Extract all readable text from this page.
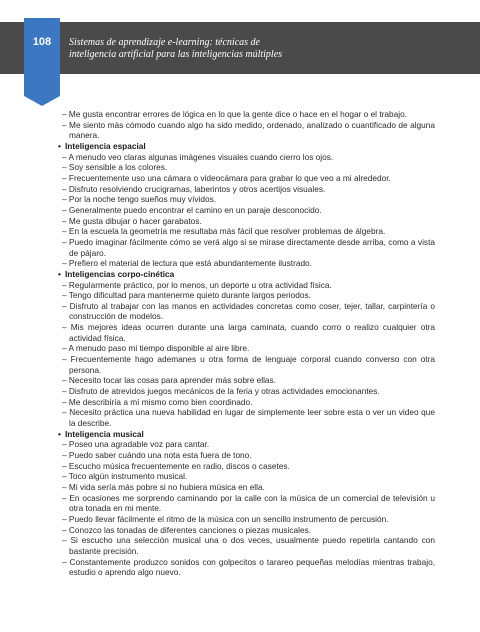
108	Sistemas de aprendizaje e-learning: técnicas de
inteligencia artificial para las inteligencias múltiples
– Me gusta encontrar errores de lógica en lo que la gente dice o hace en el hogar o el trabajo.
– Me siento más cómodo cuando algo ha sido medido, ordenado, analizado o cuantificado de alguna manera.
• Inteligencia espacial
– A menudo veo claras algunas imágenes visuales cuando cierro los ojos.
– Soy sensible a los colores.
– Frecuentemente uso una cámara o videocámara para grabar lo que veo a mi alrededor.
– Disfruto resolviendo crucigramas, laberintos y otros acertijos visuales.
– Por la noche tengo sueños muy vívidos.
– Generalmente puedo encontrar el camino en un paraje desconocido.
– Me gusta dibujar o hacer garabatos.
– En la escuela la geometría me resultaba más fácil que resolver problemas de álgebra.
– Puedo imaginar fácilmente cómo se verá algo si se mirase directamente desde arriba, como a vista de pájaro.
– Prefiero el material de lectura que está abundantemente ilustrado.
• Inteligencias corpo-cinética
– Regularmente práctico, por lo menos, un deporte u otra actividad física.
– Tengo dificultad para mantenerme quieto durante largos periodos.
– Disfruto al trabajar con las manos en actividades concretas como coser, tejer, tallar, carpintería o construcción de modelos.
– Mis mejores ideas ocurren durante una larga caminata, cuando corro o realizo cualquier otra actividad física.
– A menudo paso mi tiempo disponible al aire libre.
– Frecuentemente hago ademanes u otra forma de lenguaje corporal cuando converso con otra persona.
– Necesito tocar las cosas para aprender más sobre ellas.
– Disfruto de atrevidos juegos mecánicos de la feria y otras actividades emocionantes.
– Me describiría a mí mismo como bien coordinado.
– Necesito práctica una nueva habilidad en lugar de simplemente leer sobre esta o ver un video que la describe.
• Inteligencia musical
– Poseo una agradable voz para cantar.
– Puedo saber cuándo una nota esta fuera de tono.
– Escucho música frecuentemente en radio, discos o casetes.
– Toco algún instrumento musical.
– Mi vida sería más pobre si no hubiera música en ella.
– En ocasiones me sorprendo caminando por la calle con la música de un comercial de televisión u otra tonada en mi mente.
– Puedo llevar fácilmente el ritmo de la música con un sencillo instrumento de percusión.
– Conozco las tonadas de diferentes canciones o piezas musicales.
– Si escucho una selección musical una o dos veces, usualmente puedo repetirla cantando con bastante precisión.
– Constantemente produzco sonidos con golpecitos o tarareo pequeñas melodías mientras trabajo, estudio o aprendo algo nuevo.
